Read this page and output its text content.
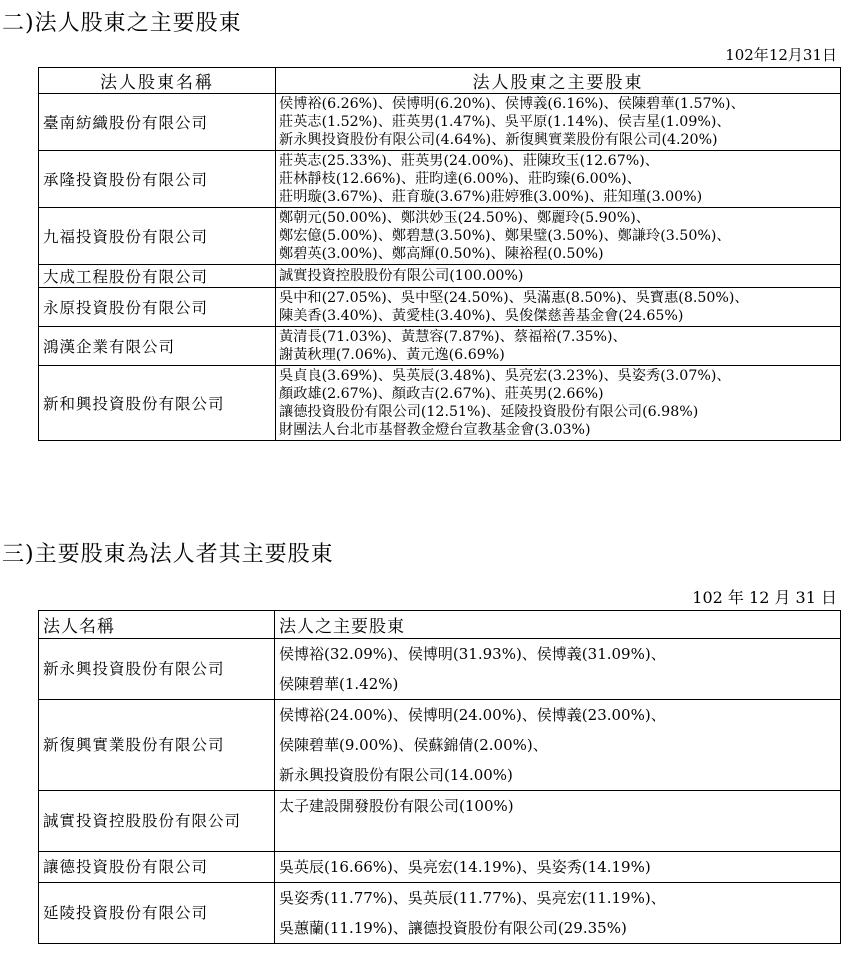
二)法人股東之主要股東
102年12月31日
法人股東名稱	法人股東之主要股東
臺南紡織股份有限公司	侯博裕(6.26%)、侯博明(6.20%)、侯博義(6.16%)、侯陳碧華(1.57%)、
莊英志(1.52%)、莊英男(1.47%)、吳平原(1.14%)、侯吉星(1.09%)、
新永興投資股份有限公司(4.64%)、新復興實業股份有限公司(4.20%)

承隆投資股份有限公司	莊英志(25.33%)、莊英男(24.00%)、莊陳玫玉(12.67%)、
莊林靜枝(12.66%)、莊昀達(6.00%)、莊昀臻(6.00%)、
莊明璇(3.67%)、莊育璇(3.67%)莊婷雅(3.00%)、莊知瑾(3.00%)

九福投資股份有限公司	鄭朝元(50.00%)、鄭洪妙玉(24.50%)、鄭麗玲(5.90%)、
鄭宏億(5.00%)、鄭碧慧(3.50%)、鄭果璧(3.50%)、鄭謙玲(3.50%)、
鄭碧英(3.00%)、鄭高輝(0.50%)、陳裕程(0.50%)

大成工程股份有限公司	誠實投資控股股份有限公司(100.00%)

永原投資股份有限公司	吳中和(27.05%)、吳中堅(24.50%)、吳滿惠(8.50%)、吳寶惠(8.50%)、
陳美香(3.40%)、黃愛桂(3.40%)、吳俊傑慈善基金會(24.65%)

鴻漢企業有限公司	黃清長(71.03%)、黃慧容(7.87%)、蔡福裕(7.35%)、
謝黃秋理(7.06%)、黃元逸(6.69%)

新和興投資股份有限公司	吳貞良(3.69%)、吳英辰(3.48%)、吳亮宏(3.23%)、吳姿秀(3.07%)、
顏政雄(2.67%)、顏政吉(2.67%)、莊英男(2.66%)
讓德投資股份有限公司(12.51%)、延陵投資股份有限公司(6.98%)
財團法人台北市基督教金燈台宣教基金會(3.03%)
三)主要股東為法人者其主要股東
102 年 12 月 31 日
法人名稱	法人之主要股東
新永興投資股份有限公司	侯博裕(32.09%)、侯博明(31.93%)、侯博義(31.09%)、
侯陳碧華(1.42%)

新復興實業股份有限公司	侯博裕(24.00%)、侯博明(24.00%)、侯博義(23.00%)、
侯陳碧華(9.00%)、侯蘇錦倩(2.00%)、
新永興投資股份有限公司(14.00%)

誠實投資控股股份有限公司	太子建設開發股份有限公司(100%)

讓德投資股份有限公司	吳英辰(16.66%)、吳亮宏(14.19%)、吳姿秀(14.19%)

延陵投資股份有限公司	吳姿秀(11.77%)、吳英辰(11.77%)、吳亮宏(11.19%)、
吳蕙蘭(11.19%)、讓德投資股份有限公司(29.35%)
